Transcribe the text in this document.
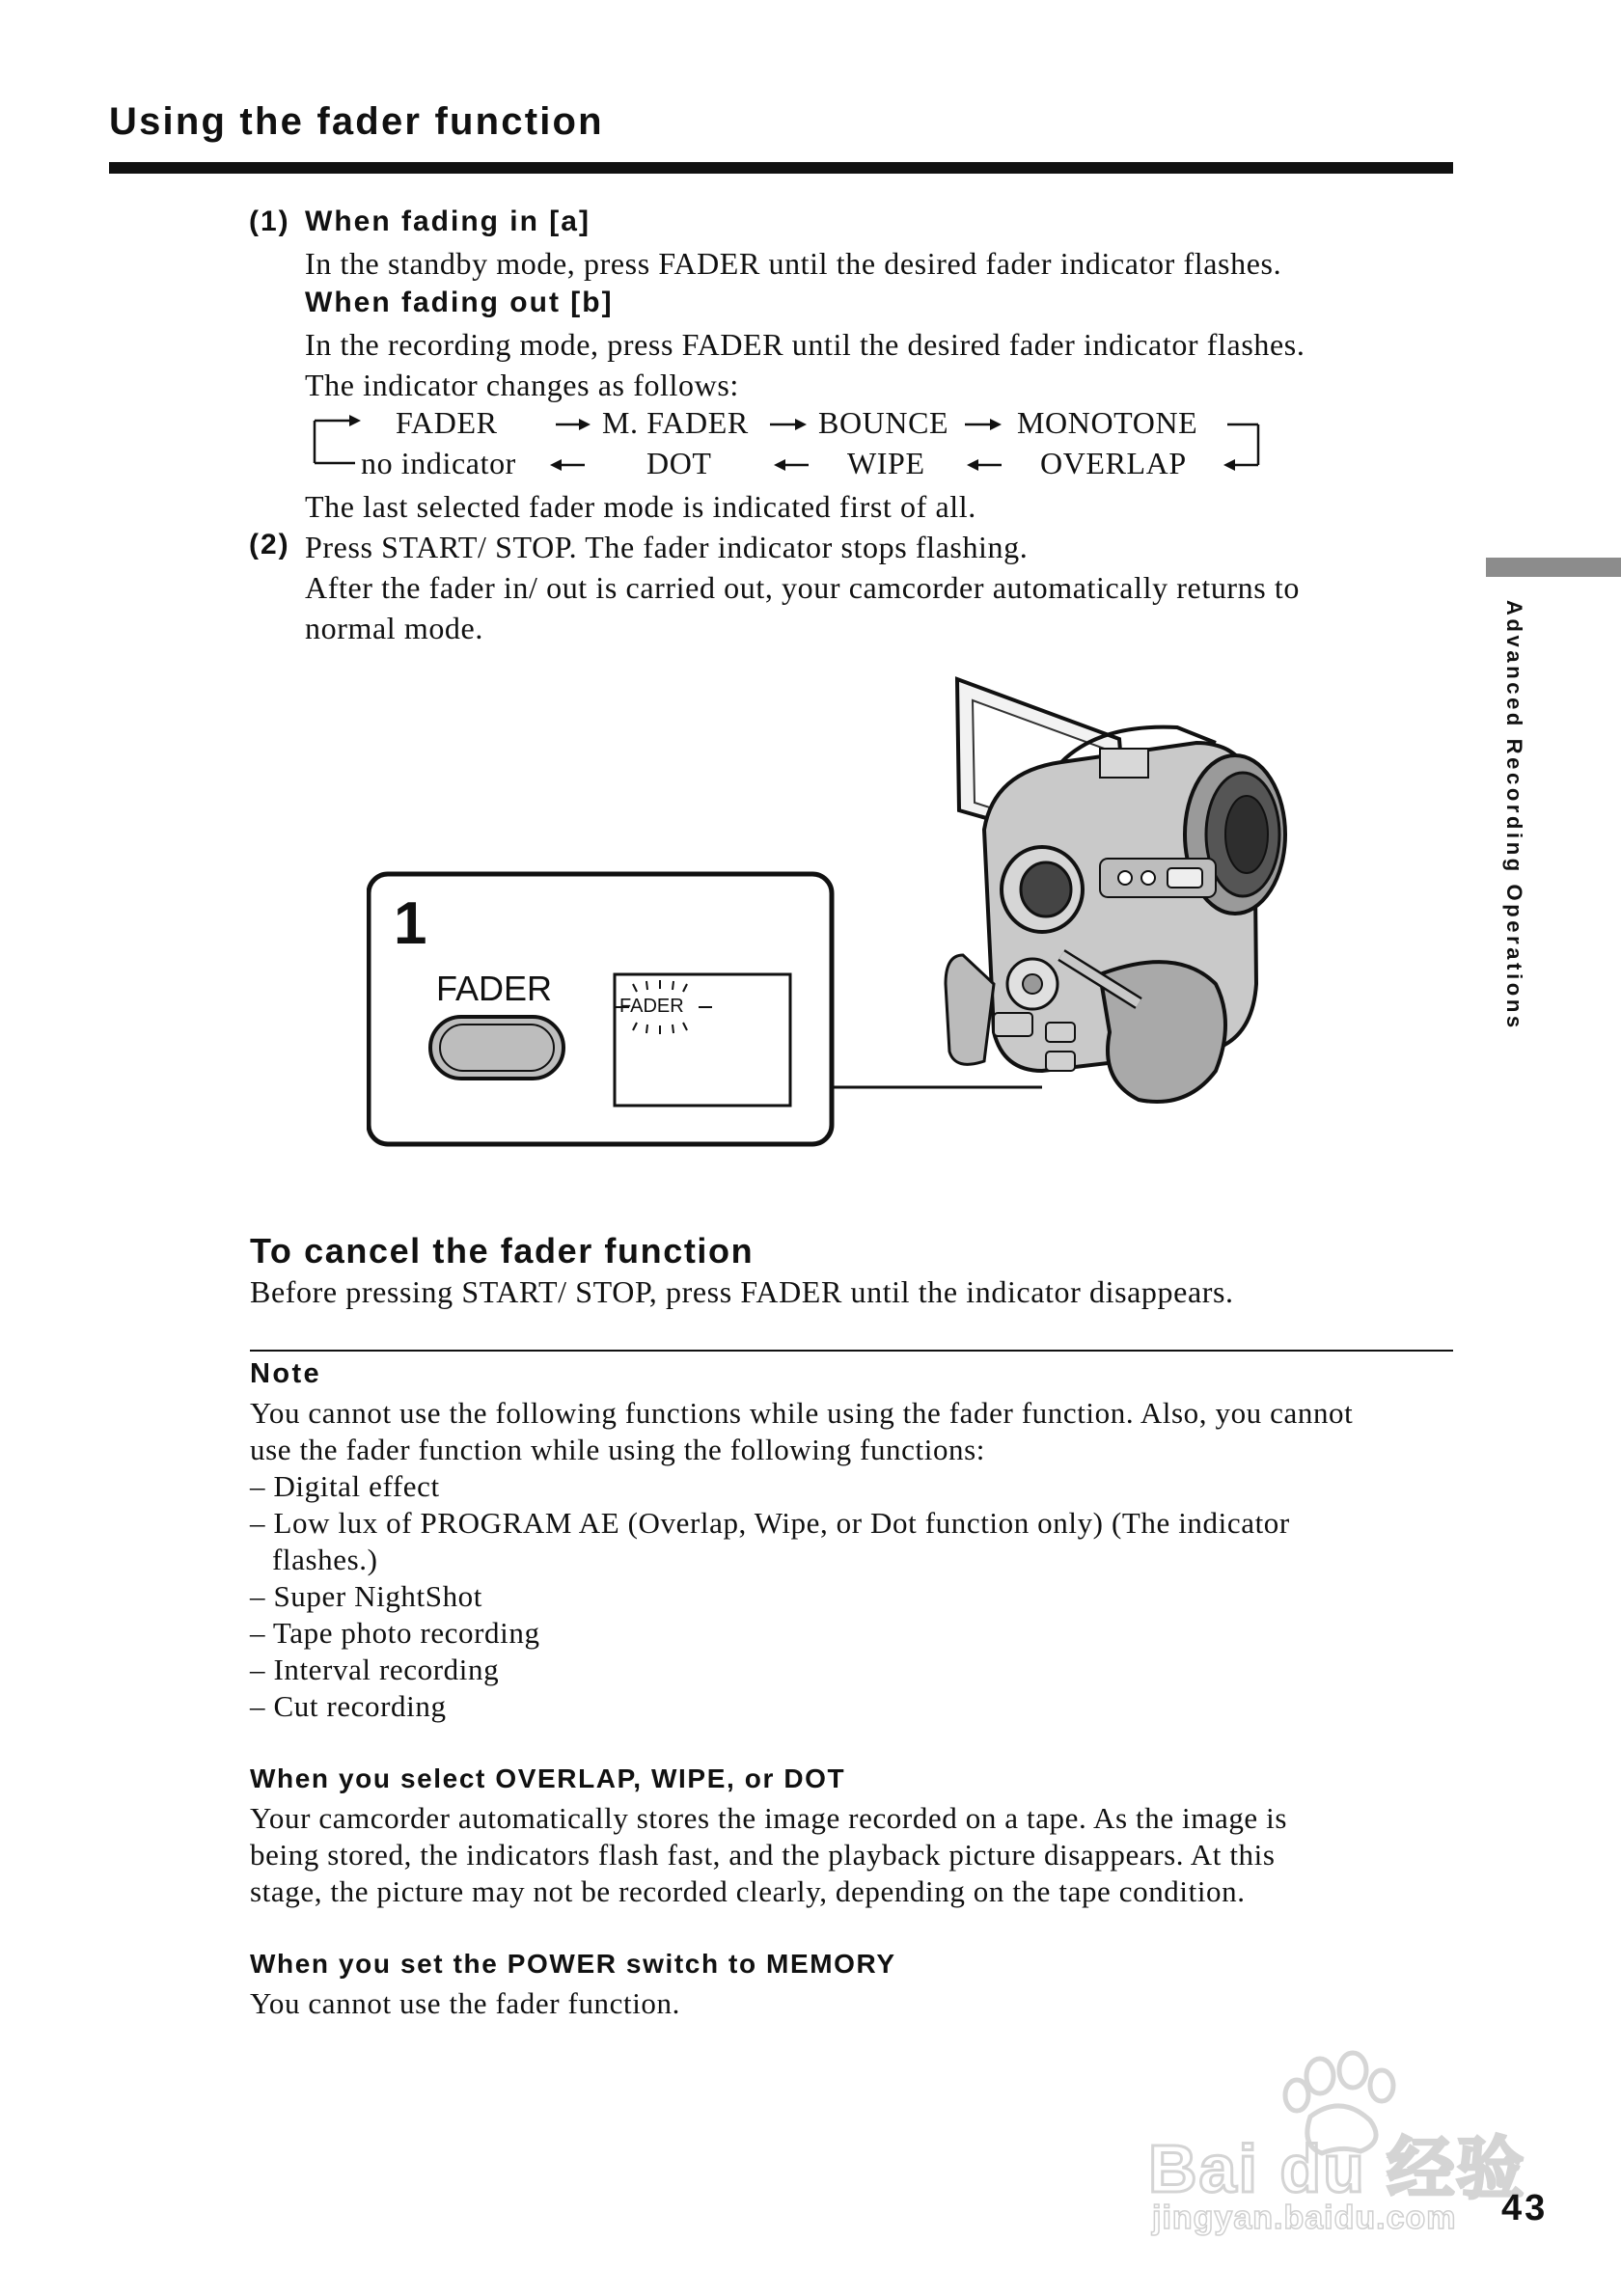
Using the fader function
Advanced Recording Operations
(1) When fading in [a]
In the standby mode, press FADER until the desired fader indicator flashes.
When fading out [b]
In the recording mode, press FADER until the desired fader indicator flashes.
The indicator changes as follows:
FADER	M. FADER BOUNCE MONOTONE
no indicator	DOT	WIPE	OVERLAP
The last selected fader mode is indicated first of all.
(2) Press START/ STOP. The fader indicator stops flashing.
After the fader in/ out is carried out, your camcorder automatically returns to
normal mode.
1
FADER	FADER
To cancel the fader function
Before pressing START/ STOP, press FADER until the indicator disappears.
Note
You cannot use the following functions while using the fader function. Also, you cannot
use the fader function while using the following functions:
– Digital effect
– Low lux of PROGRAM AE (Overlap, Wipe, or Dot function only) (The indicator
flashes.)
– Super NightShot
– Tape photo recording
– Interval recording
– Cut recording
When you select OVERLAP, WIPE, or DOT
Your camcorder automatically stores the image recorded on a tape. As the image is
being stored, the indicators flash fast, and the playback picture disappears. At this
stage, the picture may not be recorded clearly, depending on the tape condition.
When you set the POWER switch to MEMORY
You cannot use the fader function.
Bai du 经验
jingyan.baidu.com 43
